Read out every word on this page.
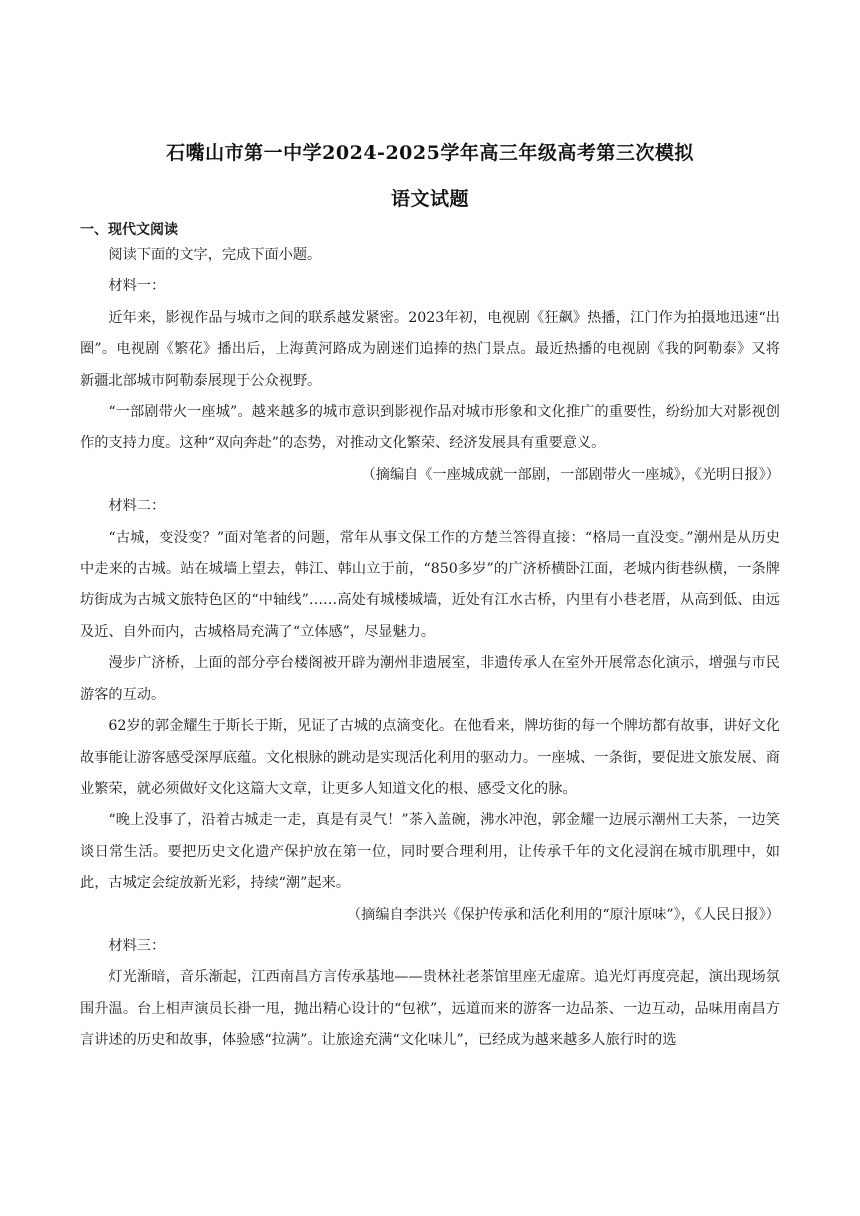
石嘴山市第一中学2024-2025学年高三年级高考第三次模拟
语文试题
一、现代文阅读

阅读下面的文字，完成下面小题。

材料一：

近年来，影视作品与城市之间的联系越发紧密。2023年初，电视剧《狂飙》热播，江门作为拍摄地迅速“出圈”。电视剧《繁花》播出后，上海黄河路成为剧迷们追捧的热门景点。最近热播的电视剧《我的阿勒泰》又将新疆北部城市阿勒泰展现于公众视野。

“一部剧带火一座城”。越来越多的城市意识到影视作品对城市形象和文化推广的重要性，纷纷加大对影视创作的支持力度。这种“双向奔赴”的态势，对推动文化繁荣、经济发展具有重要意义。

（摘编自《一座城成就一部剧，一部剧带火一座城》，《光明日报》）

材料二：

“古城，变没变？”面对笔者的问题，常年从事文保工作的方楚兰答得直接：“格局一直没变。”潮州是从历史中走来的古城。站在城墙上望去，韩江、韩山立于前，“850多岁”的广济桥横卧江面，老城内街巷纵横，一条牌坊街成为古城文旅特色区的“中轴线”……高处有城楼城墙，近处有江水古桥，内里有小巷老厝，从高到低、由远及近、自外而内，古城格局充满了“立体感”，尽显魅力。

漫步广济桥，上面的部分亭台楼阁被开辟为潮州非遗展室，非遗传承人在室外开展常态化演示，增强与市民游客的互动。

62岁的郭金耀生于斯长于斯，见证了古城的点滴变化。在他看来，牌坊街的每一个牌坊都有故事，讲好文化故事能让游客感受深厚底蕴。文化根脉的跳动是实现活化利用的驱动力。一座城、一条街，要促进文旅发展、商业繁荣，就必须做好文化这篇大文章，让更多人知道文化的根、感受文化的脉。

“晚上没事了，沿着古城走一走，真是有灵气！”茶入盖碗，沸水冲泡，郭金耀一边展示潮州工夫茶，一边笑谈日常生活。要把历史文化遗产保护放在第一位，同时要合理利用，让传承千年的文化浸润在城市肌理中，如此，古城定会绽放新光彩，持续“潮”起来。

（摘编自李洪兴《保护传承和活化利用的“原汁原味”》，《人民日报》）

材料三：

灯光渐暗，音乐渐起，江西南昌方言传承基地——贵林社老茶馆里座无虚席。追光灯再度亮起，演出现场氛围升温。台上相声演员长褂一甩，抛出精心设计的“包袱”，远道而来的游客一边品茶、一边互动，品味用南昌方言讲述的历史和故事，体验感“拉满”。让旅途充满“文化味儿”，已经成为越来越多人旅行时的选
